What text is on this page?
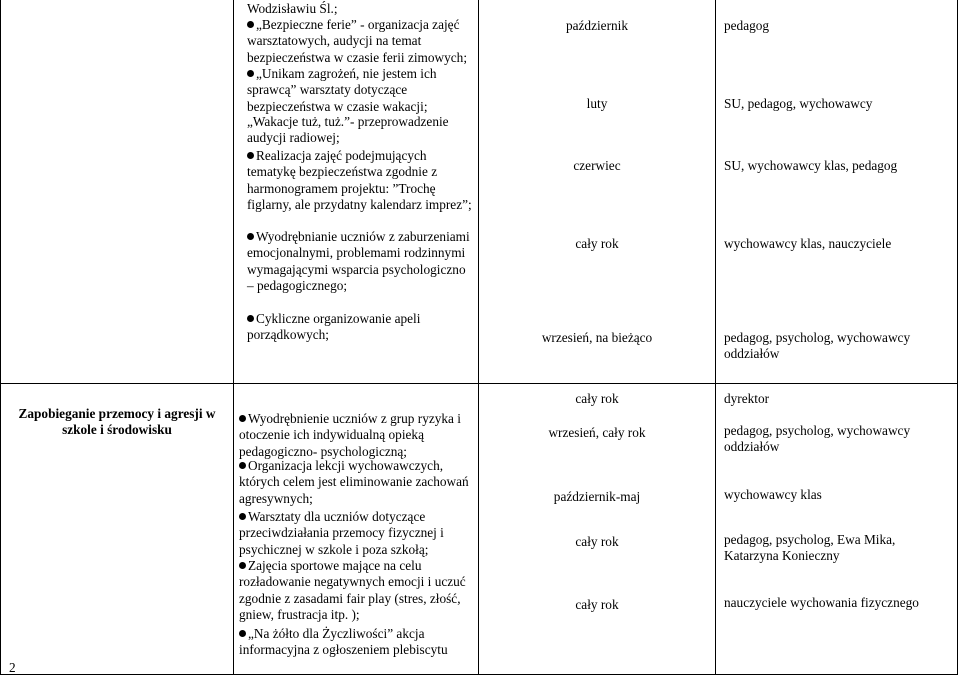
Wodzisławiu Śl.;
„Bezpieczne ferie” - organizacja zajęć warsztatowych, audycji na temat bezpieczeństwa w czasie ferii zimowych;
„Unikam zagrożeń, nie jestem ich sprawcą” warsztaty dotyczące bezpieczeństwa w czasie wakacji;
„Wakacje tuż, tuż.”- przeprowadzenie audycji radiowej;
Realizacja zajęć podejmujących tematykę bezpieczeństwa zgodnie z harmonogramem projektu: ”Trochę figlarny, ale przydatny kalendarz imprez”;
Wyodrębnianie uczniów z zaburzeniami emocjonalnymi, problemami rodzinnymi wymagającymi wsparcia psychologiczno – pedagogicznego;
Cykliczne organizowanie apeli porządkowych;
październik
luty
czerwiec
cały rok
wrzesień, na bieżąco
pedagog
SU, pedagog, wychowawcy
SU, wychowawcy klas, pedagog
wychowawcy klas, nauczyciele
pedagog, psycholog, wychowawcy oddziałów
2
Zapobieganie przemocy i agresji w szkole i środowisku
Wyodrębnienie uczniów z grup ryzyka i otoczenie ich indywidualną opieką pedagogiczno- psychologiczną;
Organizacja lekcji wychowawczych, których celem jest eliminowanie zachowań agresywnych;
Warsztaty dla uczniów dotyczące przeciwdziałania przemocy fizycznej i psychicznej w szkole i poza szkołą;
Zajęcia sportowe mające na celu rozładowanie negatywnych emocji i uczuć zgodnie z zasadami fair play (stres, złość, gniew, frustracja itp. );
„Na żółto dla Życzliwości” akcja informacyjna z ogłoszeniem plebiscytu
cały rok
wrzesień, cały rok
październik-maj
cały rok
cały rok
dyrektor
pedagog, psycholog, wychowawcy oddziałów
wychowawcy klas
pedagog, psycholog, Ewa Mika, Katarzyna Konieczny
nauczyciele wychowania fizycznego
